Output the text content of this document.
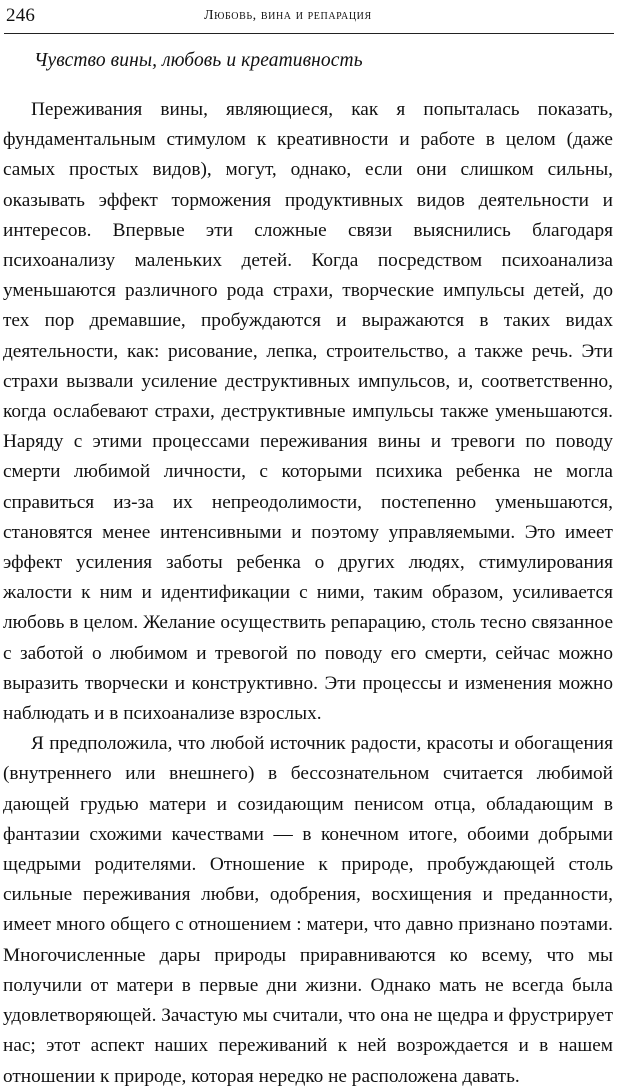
246	Любовь, вина и репарация
Чувство вины, любовь и креативность

Переживания вины, являющиеся, как я попыталась показать, фундаментальным стимулом к креативности и работе в целом (даже самых простых видов), могут, однако, если они слишком сильны, оказывать эффект торможения продуктивных видов деятельности и интересов. Впервые эти сложные связи выяснились благодаря психоанализу маленьких детей. Когда посредством психоанализа уменьшаются различного рода страхи, творческие импульсы детей, до тех пор дремавшие, пробуждаются и выражаются в таких видах деятельности, как: рисование, лепка, строительство, а также речь. Эти страхи вызвали усиление деструктивных импульсов, и, соответственно, когда ослабевают страхи, деструктивные импульсы также уменьшаются. Наряду с этими процессами переживания вины и тревоги по поводу смерти любимой личности, с которыми психика ребенка не могла справиться из-за их непреодолимости, постепенно уменьшаются, становятся менее интенсивными и поэтому управляемыми. Это имеет эффект усиления заботы ребенка о других людях, стимулирования жалости к ним и идентификации с ними, таким образом, усиливается любовь в целом. Желание осуществить репарацию, столь тесно связанное с заботой о любимом и тревогой по поводу его смерти, сейчас можно выразить творчески и конструктивно. Эти процессы и изменения можно наблюдать и в психоанализе взрослых.

Я предположила, что любой источник радости, красоты и обогащения (внутреннего или внешнего) в бессознательном считается любимой дающей грудью матери и созидающим пенисом отца, обладающим в фантазии схожими качествами — в конечном итоге, обоими добрыми щедрыми родителями. Отношение к природе, пробуждающей столь сильные переживания любви, одобрения, восхищения и преданности, имеет много общего с отношением : матери, что давно признано поэтами. Многочисленные дары природы приравниваются ко всему, что мы получили от матери в первые дни жизни. Однако мать не всегда была удовлетворяющей. Зачастую мы считали, что она не щедра и фрустрирует нас; этот аспект наших переживаний к ней возрождается и в нашем отношении к природе, которая нередко не расположена давать.
